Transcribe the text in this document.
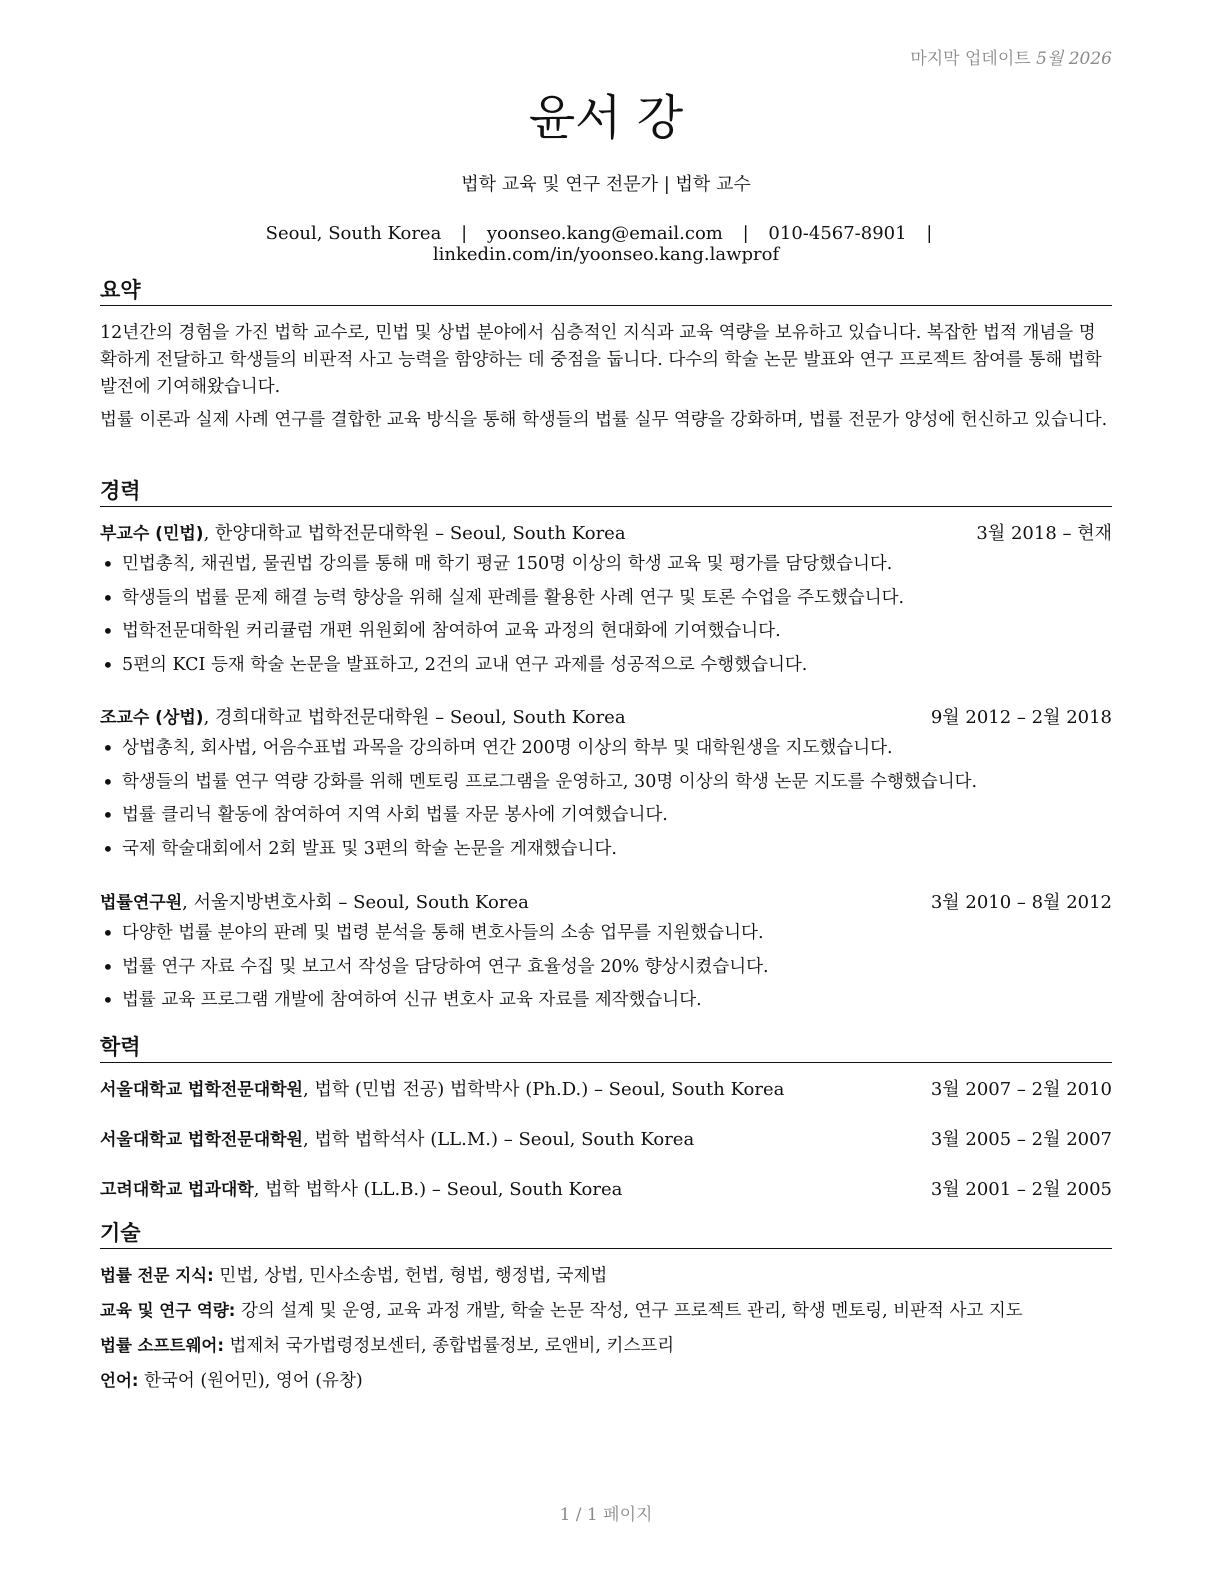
마지막 업데이트 5월 2026
윤서 강
법학 교육 및 연구 전문가 | 법학 교수
Seoul, South Korea | yoonseo.kang@email.com | 010-4567-8901 | linkedin.com/in/yoonseo.kang.lawprof
요약

12년간의 경험을 가진 법학 교수로, 민법 및 상법 분야에서 심층적인 지식과 교육 역량을 보유하고 있습니다. 복잡한 법적 개념을 명확하게 전달하고 학생들의 비판적 사고 능력을 함양하는 데 중점을 둡니다. 다수의 학술 논문 발표와 연구 프로젝트 참여를 통해 법학 발전에 기여해왔습니다.

법률 이론과 실제 사례 연구를 결합한 교육 방식을 통해 학생들의 법률 실무 역량을 강화하며, 법률 전문가 양성에 헌신하고 있습니다.

경력
부교수 (민법), 한양대학교 법학전문대학원 – Seoul, South Korea	3월 2018 – 현재
• 민법총칙, 채권법, 물권법 강의를 통해 매 학기 평균 150명 이상의 학생 교육 및 평가를 담당했습니다.
• 학생들의 법률 문제 해결 능력 향상을 위해 실제 판례를 활용한 사례 연구 및 토론 수업을 주도했습니다.
• 법학전문대학원 커리큘럼 개편 위원회에 참여하여 교육 과정의 현대화에 기여했습니다.
• 5편의 KCI 등재 학술 논문을 발표하고, 2건의 교내 연구 과제를 성공적으로 수행했습니다.
조교수 (상법), 경희대학교 법학전문대학원 – Seoul, South Korea	9월 2012 – 2월 2018
• 상법총칙, 회사법, 어음수표법 과목을 강의하며 연간 200명 이상의 학부 및 대학원생을 지도했습니다.
• 학생들의 법률 연구 역량 강화를 위해 멘토링 프로그램을 운영하고, 30명 이상의 학생 논문 지도를 수행했습니다.
• 법률 클리닉 활동에 참여하여 지역 사회 법률 자문 봉사에 기여했습니다.
• 국제 학술대회에서 2회 발표 및 3편의 학술 논문을 게재했습니다.
법률연구원, 서울지방변호사회 – Seoul, South Korea	3월 2010 – 8월 2012
• 다양한 법률 분야의 판례 및 법령 분석을 통해 변호사들의 소송 업무를 지원했습니다.
• 법률 연구 자료 수집 및 보고서 작성을 담당하여 연구 효율성을 20% 향상시켰습니다.
• 법률 교육 프로그램 개발에 참여하여 신규 변호사 교육 자료를 제작했습니다.
학력
서울대학교 법학전문대학원, 법학 (민법 전공) 법학박사 (Ph.D.) – Seoul, South Korea	3월 2007 – 2월 2010
서울대학교 법학전문대학원, 법학 법학석사 (LL.M.) – Seoul, South Korea	3월 2005 – 2월 2007
고려대학교 법과대학, 법학 법학사 (LL.B.) – Seoul, South Korea	3월 2001 – 2월 2005
기술
법률 전문 지식: 민법, 상법, 민사소송법, 헌법, 형법, 행정법, 국제법
교육 및 연구 역량: 강의 설계 및 운영, 교육 과정 개발, 학술 논문 작성, 연구 프로젝트 관리, 학생 멘토링, 비판적 사고 지도
법률 소프트웨어: 법제처 국가법령정보센터, 종합법률정보, 로앤비, 키스프리
언어: 한국어 (원어민), 영어 (유창)
1 / 1 페이지
